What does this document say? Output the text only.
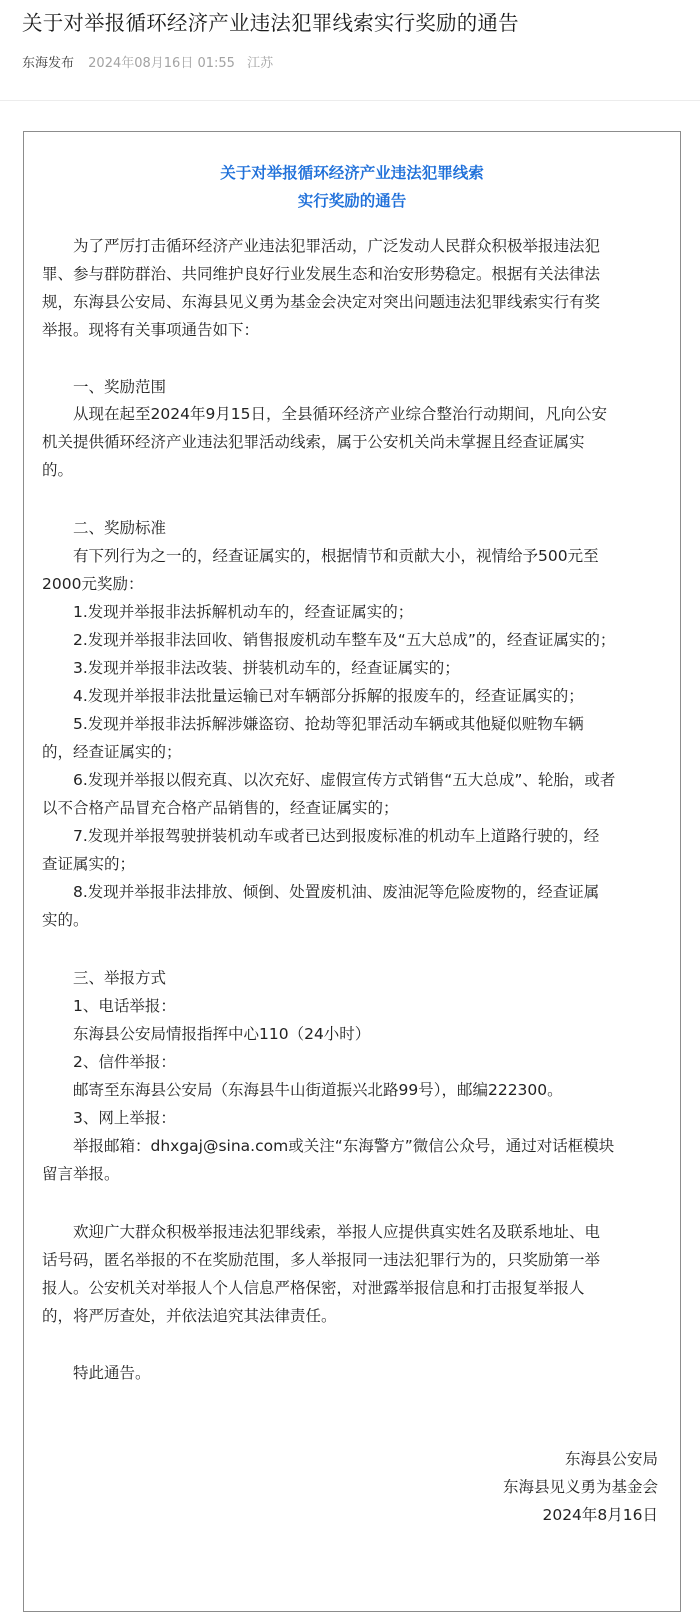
关于对举报循环经济产业违法犯罪线索实行奖励的通告
东海发布 2024年08月16日 01:55 江苏
关于对举报循环经济产业违法犯罪线索
实行奖励的通告
　　为了严厉打击循环经济产业违法犯罪活动，广泛发动人民群众积极举报违法犯
罪、参与群防群治、共同维护良好行业发展生态和治安形势稳定。根据有关法律法
规，东海县公安局、东海县见义勇为基金会决定对突出问题违法犯罪线索实行有奖
举报。现将有关事项通告如下：
　　一、奖励范围
　　从现在起至2024年9月15日，全县循环经济产业综合整治行动期间，凡向公安
机关提供循环经济产业违法犯罪活动线索，属于公安机关尚未掌握且经查证属实
的。
　　二、奖励标准
　　有下列行为之一的，经查证属实的，根据情节和贡献大小，视情给予500元至
2000元奖励：
　　1.发现并举报非法拆解机动车的，经查证属实的；
　　2.发现并举报非法回收、销售报废机动车整车及“五大总成”的，经查证属实的；
　　3.发现并举报非法改装、拼装机动车的，经查证属实的；
　　4.发现并举报非法批量运输已对车辆部分拆解的报废车的，经查证属实的；
　　5.发现并举报非法拆解涉嫌盗窃、抢劫等犯罪活动车辆或其他疑似赃物车辆
的，经查证属实的；
　　6.发现并举报以假充真、以次充好、虚假宣传方式销售“五大总成”、轮胎，或者
以不合格产品冒充合格产品销售的，经查证属实的；
　　7.发现并举报驾驶拼装机动车或者已达到报废标准的机动车上道路行驶的，经
查证属实的；
　　8.发现并举报非法排放、倾倒、处置废机油、废油泥等危险废物的，经查证属
实的。
　　三、举报方式
　　1、电话举报：
　　东海县公安局情报指挥中心110（24小时）
　　2、信件举报：
　　邮寄至东海县公安局（东海县牛山街道振兴北路99号），邮编222300。
　　3、网上举报：
　　举报邮箱：dhxgaj@sina.com或关注“东海警方”微信公众号，通过对话框模块
留言举报。
　　欢迎广大群众积极举报违法犯罪线索，举报人应提供真实姓名及联系地址、电
话号码，匿名举报的不在奖励范围，多人举报同一违法犯罪行为的，只奖励第一举
报人。公安机关对举报人个人信息严格保密，对泄露举报信息和打击报复举报人
的，将严厉查处，并依法追究其法律责任。
　　特此通告。
东海县公安局
东海县见义勇为基金会
2024年8月16日
